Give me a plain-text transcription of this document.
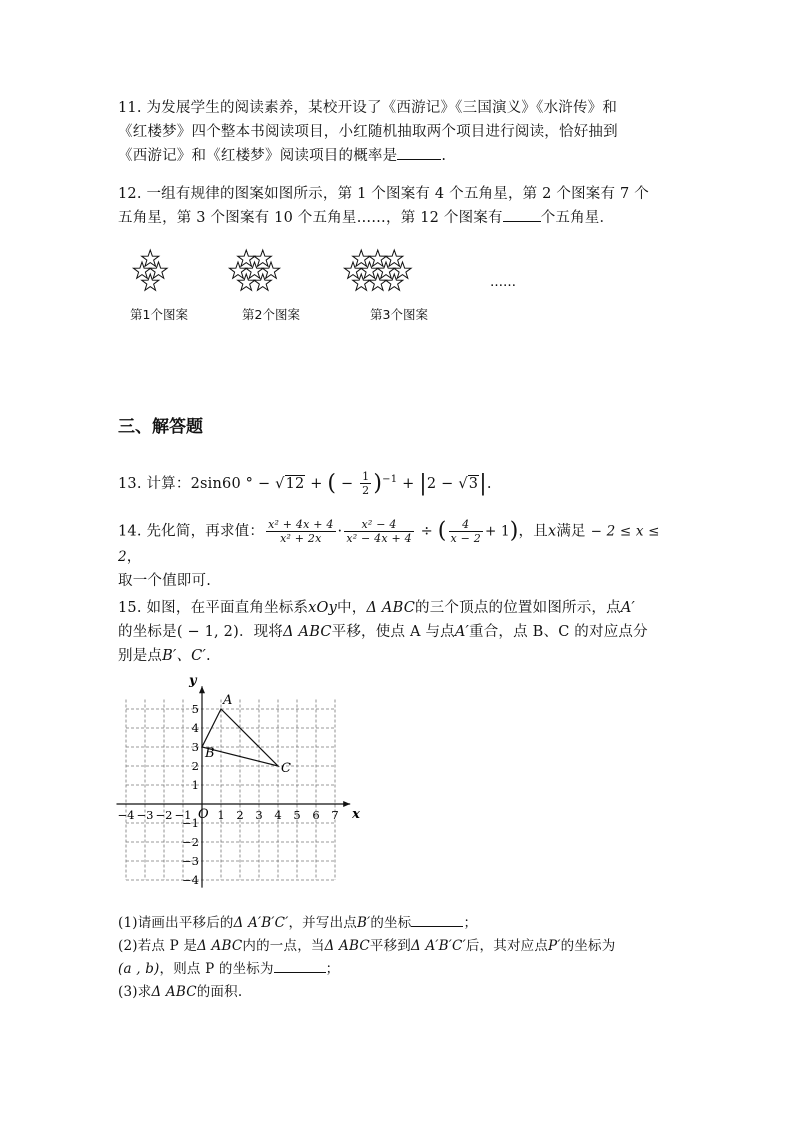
11. 为发展学生的阅读素养，某校开设了《西游记》《三国演义》《水浒传》和
《红楼梦》四个整本书阅读项目，小红随机抽取两个项目进行阅读，恰好抽到
《西游记》和《红楼梦》阅读项目的概率是	.
12. 一组有规律的图案如图所示，第 1 个图案有 4 个五角星，第 2 个图案有 7 个
五角星，第 3 个图案有 10 个五角星……，第 12 个图案有	个五角星．
……
第1个图案	第2个图案	第3个图案
三、解答题
13. 计算：2sin60 ° − √12 + ( − $\frac{1}{2} )^{-1} + |2 - √3|$.
14. 先化简，再求值： $\frac{\text{x² + 4x + 4}}{\text{x² + 2x}} \cdot \frac{\text{x² − 4}}{\text{x² − 4x + 4}}$ ÷ ( $\frac{4}{x - 2} + 1$)，且x满足 − 2 ≤ x ≤ 2，
取一个值即可.
15. 如图，在平面直角坐标系xOy中，Δ ABC的三个顶点的位置如图所示，点A′
的坐标是( − 1, 2)．现将Δ ABC平移，使点 A 与点A′重合，点 B、C 的对应点分
别是点B′、C′.
x
y
O
−4 −3 −2 −1 1 2 3 4 5 6 7
5
4
3
2
1
−1
−2
−3
−4
A
B
C
(1)请画出平移后的Δ A′B′C′，并写出点B′的坐标	；
(2)若点 P 是Δ ABC内的一点，当Δ ABC平移到Δ A′B′C′后，其对应点P′的坐标为
(a , b)，则点 P 的坐标为	；
(3)求Δ ABC的面积.
